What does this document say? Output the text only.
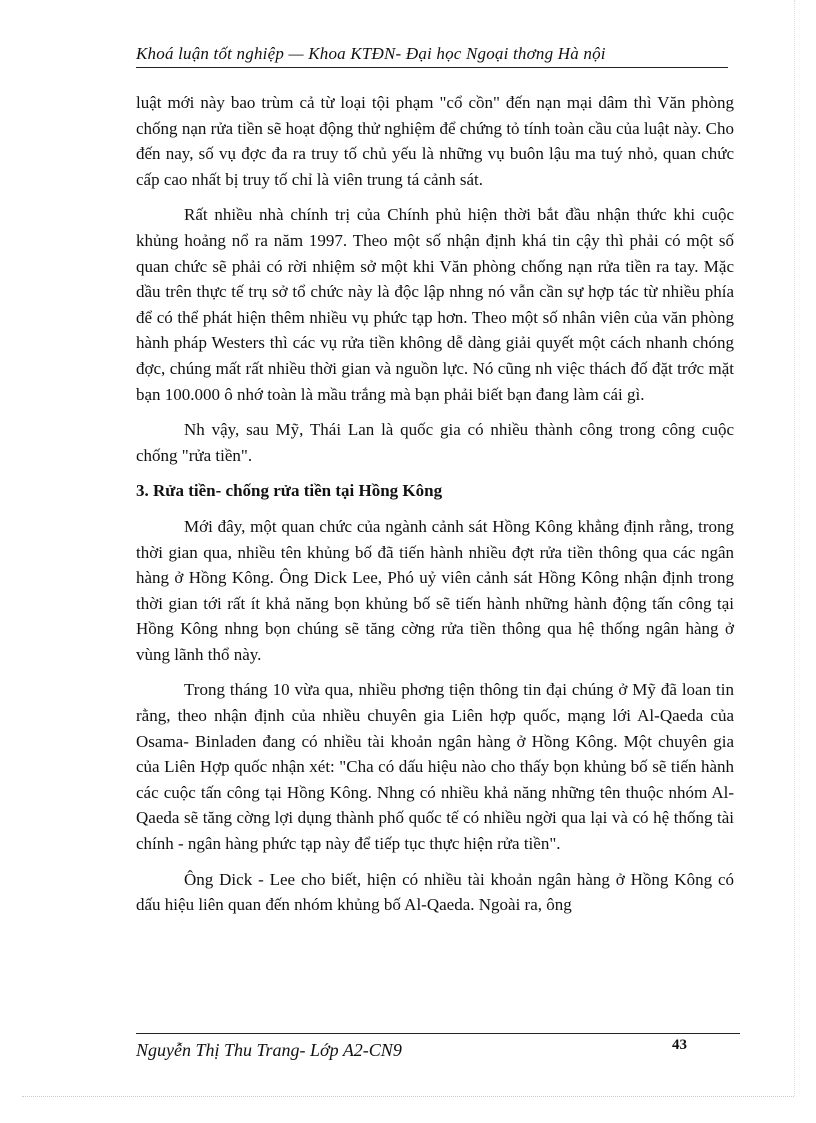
Khoá luận tốt nghiệp — Khoa KTĐN- Đại học Ngoại thơng Hà nội

luật mới này bao trùm cả từ loại tội phạm "cổ cồn" đến nạn mại dâm thì Văn phòng chống nạn rửa tiền sẽ hoạt động thử nghiệm để chứng tỏ tính toàn cầu của luật này. Cho đến nay, số vụ đợc đa ra truy tố chủ yếu là những vụ buôn lậu ma tuý nhỏ, quan chức cấp cao nhất bị truy tố chỉ là viên trung tá cảnh sát.

Rất nhiều nhà chính trị của Chính phủ hiện thời bắt đầu nhận thức khi cuộc khủng hoảng nổ ra năm 1997. Theo một số nhận định khá tin cậy thì phải có một số quan chức sẽ phải có rời nhiệm sở một khi Văn phòng chống nạn rửa tiền ra tay. Mặc dầu trên thực tế trụ sở tổ chức này là độc lập nhng nó vẫn cần sự hợp tác từ nhiều phía để có thể phát hiện thêm nhiều vụ phức tạp hơn. Theo một số nhân viên của văn phòng hành pháp Westers thì các vụ rửa tiền không dễ dàng giải quyết một cách nhanh chóng đợc, chúng mất rất nhiều thời gian và nguồn lực. Nó cũng nh việc thách đố đặt trớc mặt bạn 100.000 ô nhớ toàn là mầu trắng mà bạn phải biết bạn đang làm cái gì.

Nh vậy, sau Mỹ, Thái Lan là quốc gia có nhiều thành công trong công cuộc chống "rửa tiền".

3. Rửa tiền- chống rửa tiền tại Hồng Kông

Mới đây, một quan chức của ngành cảnh sát Hồng Kông khẳng định rằng, trong thời gian qua, nhiều tên khủng bố đã tiến hành nhiều đợt rửa tiền thông qua các ngân hàng ở Hồng Kông. Ông Dick Lee, Phó uỷ viên cảnh sát Hồng Kông nhận định trong thời gian tới rất ít khả năng bọn khủng bố sẽ tiến hành những hành động tấn công tại Hồng Kông nhng bọn chúng sẽ tăng cờng rửa tiền thông qua hệ thống ngân hàng ở vùng lãnh thổ này.

Trong tháng 10 vừa qua, nhiều phơng tiện thông tin đại chúng ở Mỹ đã loan tin rằng, theo nhận định của nhiều chuyên gia Liên hợp quốc, mạng lới Al-Qaeda của Osama- Binladen đang có nhiều tài khoản ngân hàng ở Hồng Kông. Một chuyên gia của Liên Hợp quốc nhận xét: "Cha có dấu hiệu nào cho thấy bọn khủng bố sẽ tiến hành các cuộc tấn công tại Hồng Kông. Nhng có nhiều khả năng những tên thuộc nhóm Al-Qaeda sẽ tăng cờng lợi dụng thành phố quốc tế có nhiều ngời qua lại và có hệ thống tài chính - ngân hàng phức tạp này để tiếp tục thực hiện rửa tiền".

Ông Dick - Lee cho biết, hiện có nhiều tài khoản ngân hàng ở Hồng Kông có dấu hiệu liên quan đến nhóm khủng bố Al-Qaeda. Ngoài ra, ông

Nguyễn Thị Thu Trang- Lớp A2-CN9	43
